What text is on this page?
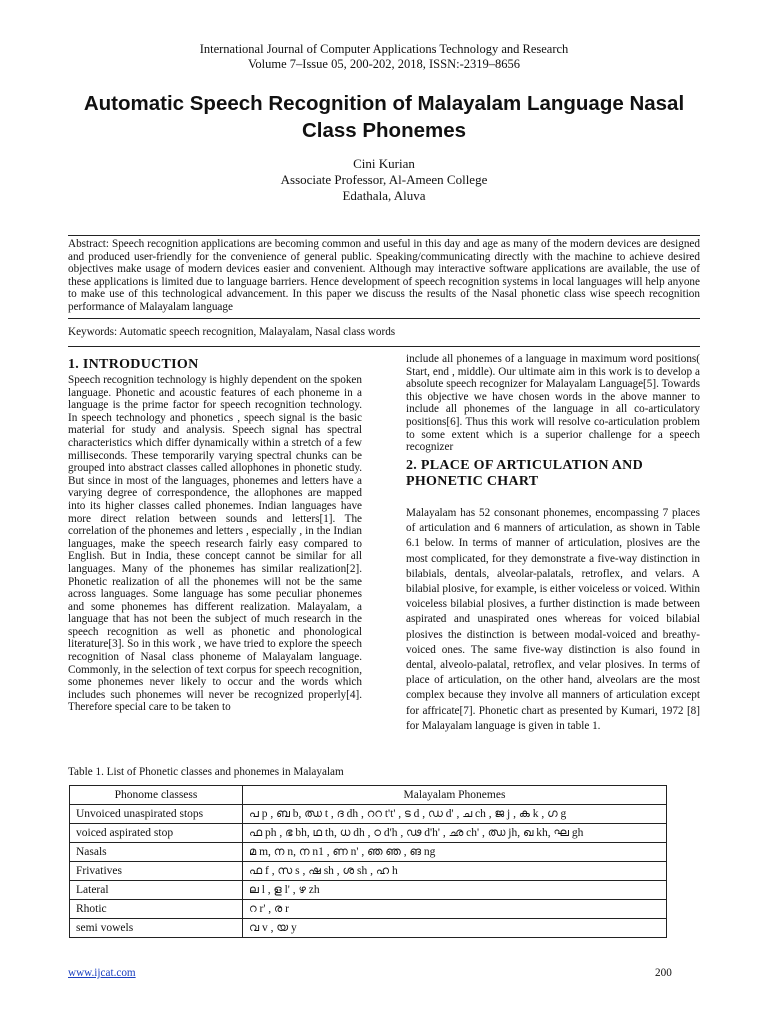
International Journal of Computer Applications Technology and Research
Volume 7–Issue 05, 200-202, 2018, ISSN:-2319–8656
Automatic Speech Recognition of Malayalam Language Nasal
Class Phonemes
Cini Kurian
Associate Professor, Al-Ameen College
Edathala, Aluva
Abstract: Speech recognition applications are becoming common and useful in this day and age as many of the modern devices are designed and produced user-friendly for the convenience of general public. Speaking/communicating directly with the machine to achieve desired objectives make usage of modern devices easier and convenient. Although may interactive software applications are available, the use of these applications is limited due to language barriers. Hence development of speech recognition systems in local languages will help anyone to make use of this technological advancement. In this paper we discuss the results of the Nasal phonetic class wise speech recognition performance of Malayalam language
Keywords: Automatic speech recognition, Malayalam, Nasal class words
1. INTRODUCTION
Speech recognition technology is highly dependent on the spoken language. Phonetic and acoustic features of each phoneme in a language is the prime factor for speech recognition technology. In speech technology and phonetics , speech signal is the basic material for study and analysis. Speech signal has spectral characteristics which differ dynamically within a stretch of a few milliseconds. These temporarily varying spectral chunks can be grouped into abstract classes called allophones in phonetic study. But since in most of the languages, phonemes and letters have a varying degree of correspondence, the allophones are mapped into its higher classes called phonemes. Indian languages have more direct relation between sounds and letters[1]. The correlation of the phonemes and letters , especially , in the Indian languages, make the speech research fairly easy compared to English. But in India, these concept cannot be similar for all languages. Many of the phonemes has similar realization[2]. Phonetic realization of all the phonemes will not be the same across languages. Some language has some peculiar phonemes and some phonemes has different realization. Malayalam, a language that has not been the subject of much research in the speech recognition as well as phonetic and phonological literature[3]. So in this work , we have tried to explore the speech recognition of Nasal class phoneme of Malayalam language. Commonly, in the selection of text corpus for speech recognition, some phonemes never likely to occur and the words which includes such phonemes will never be recognized properly[4]. Therefore special care to be taken to
include all phonemes of a language in maximum word positions( Start, end , middle). Our ultimate aim in this work is to develop a absolute speech recognizer for Malayalam Language[5]. Towards this objective we have chosen words in the above manner to include all phonemes of the language in all co-articulatory positions[6]. Thus this work will resolve co-articulation problem to some extent which is a superior challenge for a speech recognizer
2. PLACE OF ARTICULATION AND PHONETIC CHART
Malayalam has 52 consonant phonemes, encompassing 7 places of articulation and 6 manners of articulation, as shown in Table 6.1 below. In terms of manner of articulation, plosives are the most complicated, for they demonstrate a five-way distinction in bilabials, dentals, alveolar-palatals, retroflex, and velars. A bilabial plosive, for example, is either voiceless or voiced. Within voiceless bilabial plosives, a further distinction is made between aspirated and unaspirated ones whereas for voiced bilabial plosives the distinction is between modal-voiced and breathy-voiced ones. The same five-way distinction is also found in dental, alveolo-palatal, retroflex, and velar plosives. In terms of place of articulation, on the other hand, alveolars are the most complex because they involve all manners of articulation except for affricate[7]. Phonetic chart as presented by Kumari, 1972 [8] for Malayalam language is given in table 1.
Table 1. List of Phonetic classes and phonemes in Malayalam
Phonome classess	Malayalam Phonemes
Unvoiced unaspirated stops	പ p , ബ b, ഝ t , ദ dh , ററ t't' , ട d , ഡ d' , ച ch , ജ j , ക k , ഗ g
voiced aspirated stop	ഫ ph , ഭ bh, ഥ th, ധ dh , ഠ d'h , ഢ d'h' , ഛ ch' , ഝ jh, ഖ kh, ഘ gh
Nasals	മ m, ന n, ന n1 , ണ n' , ഞ ഞ , ങ ng
Frivatives	ഫ f , സ s , ഷ sh , ശ sh , ഹ h
Lateral	ല l , ള l' , ഴ zh
Rhotic	റ r' , ര r
semi vowels	വ v , യ y
www.ijcat.com	200
